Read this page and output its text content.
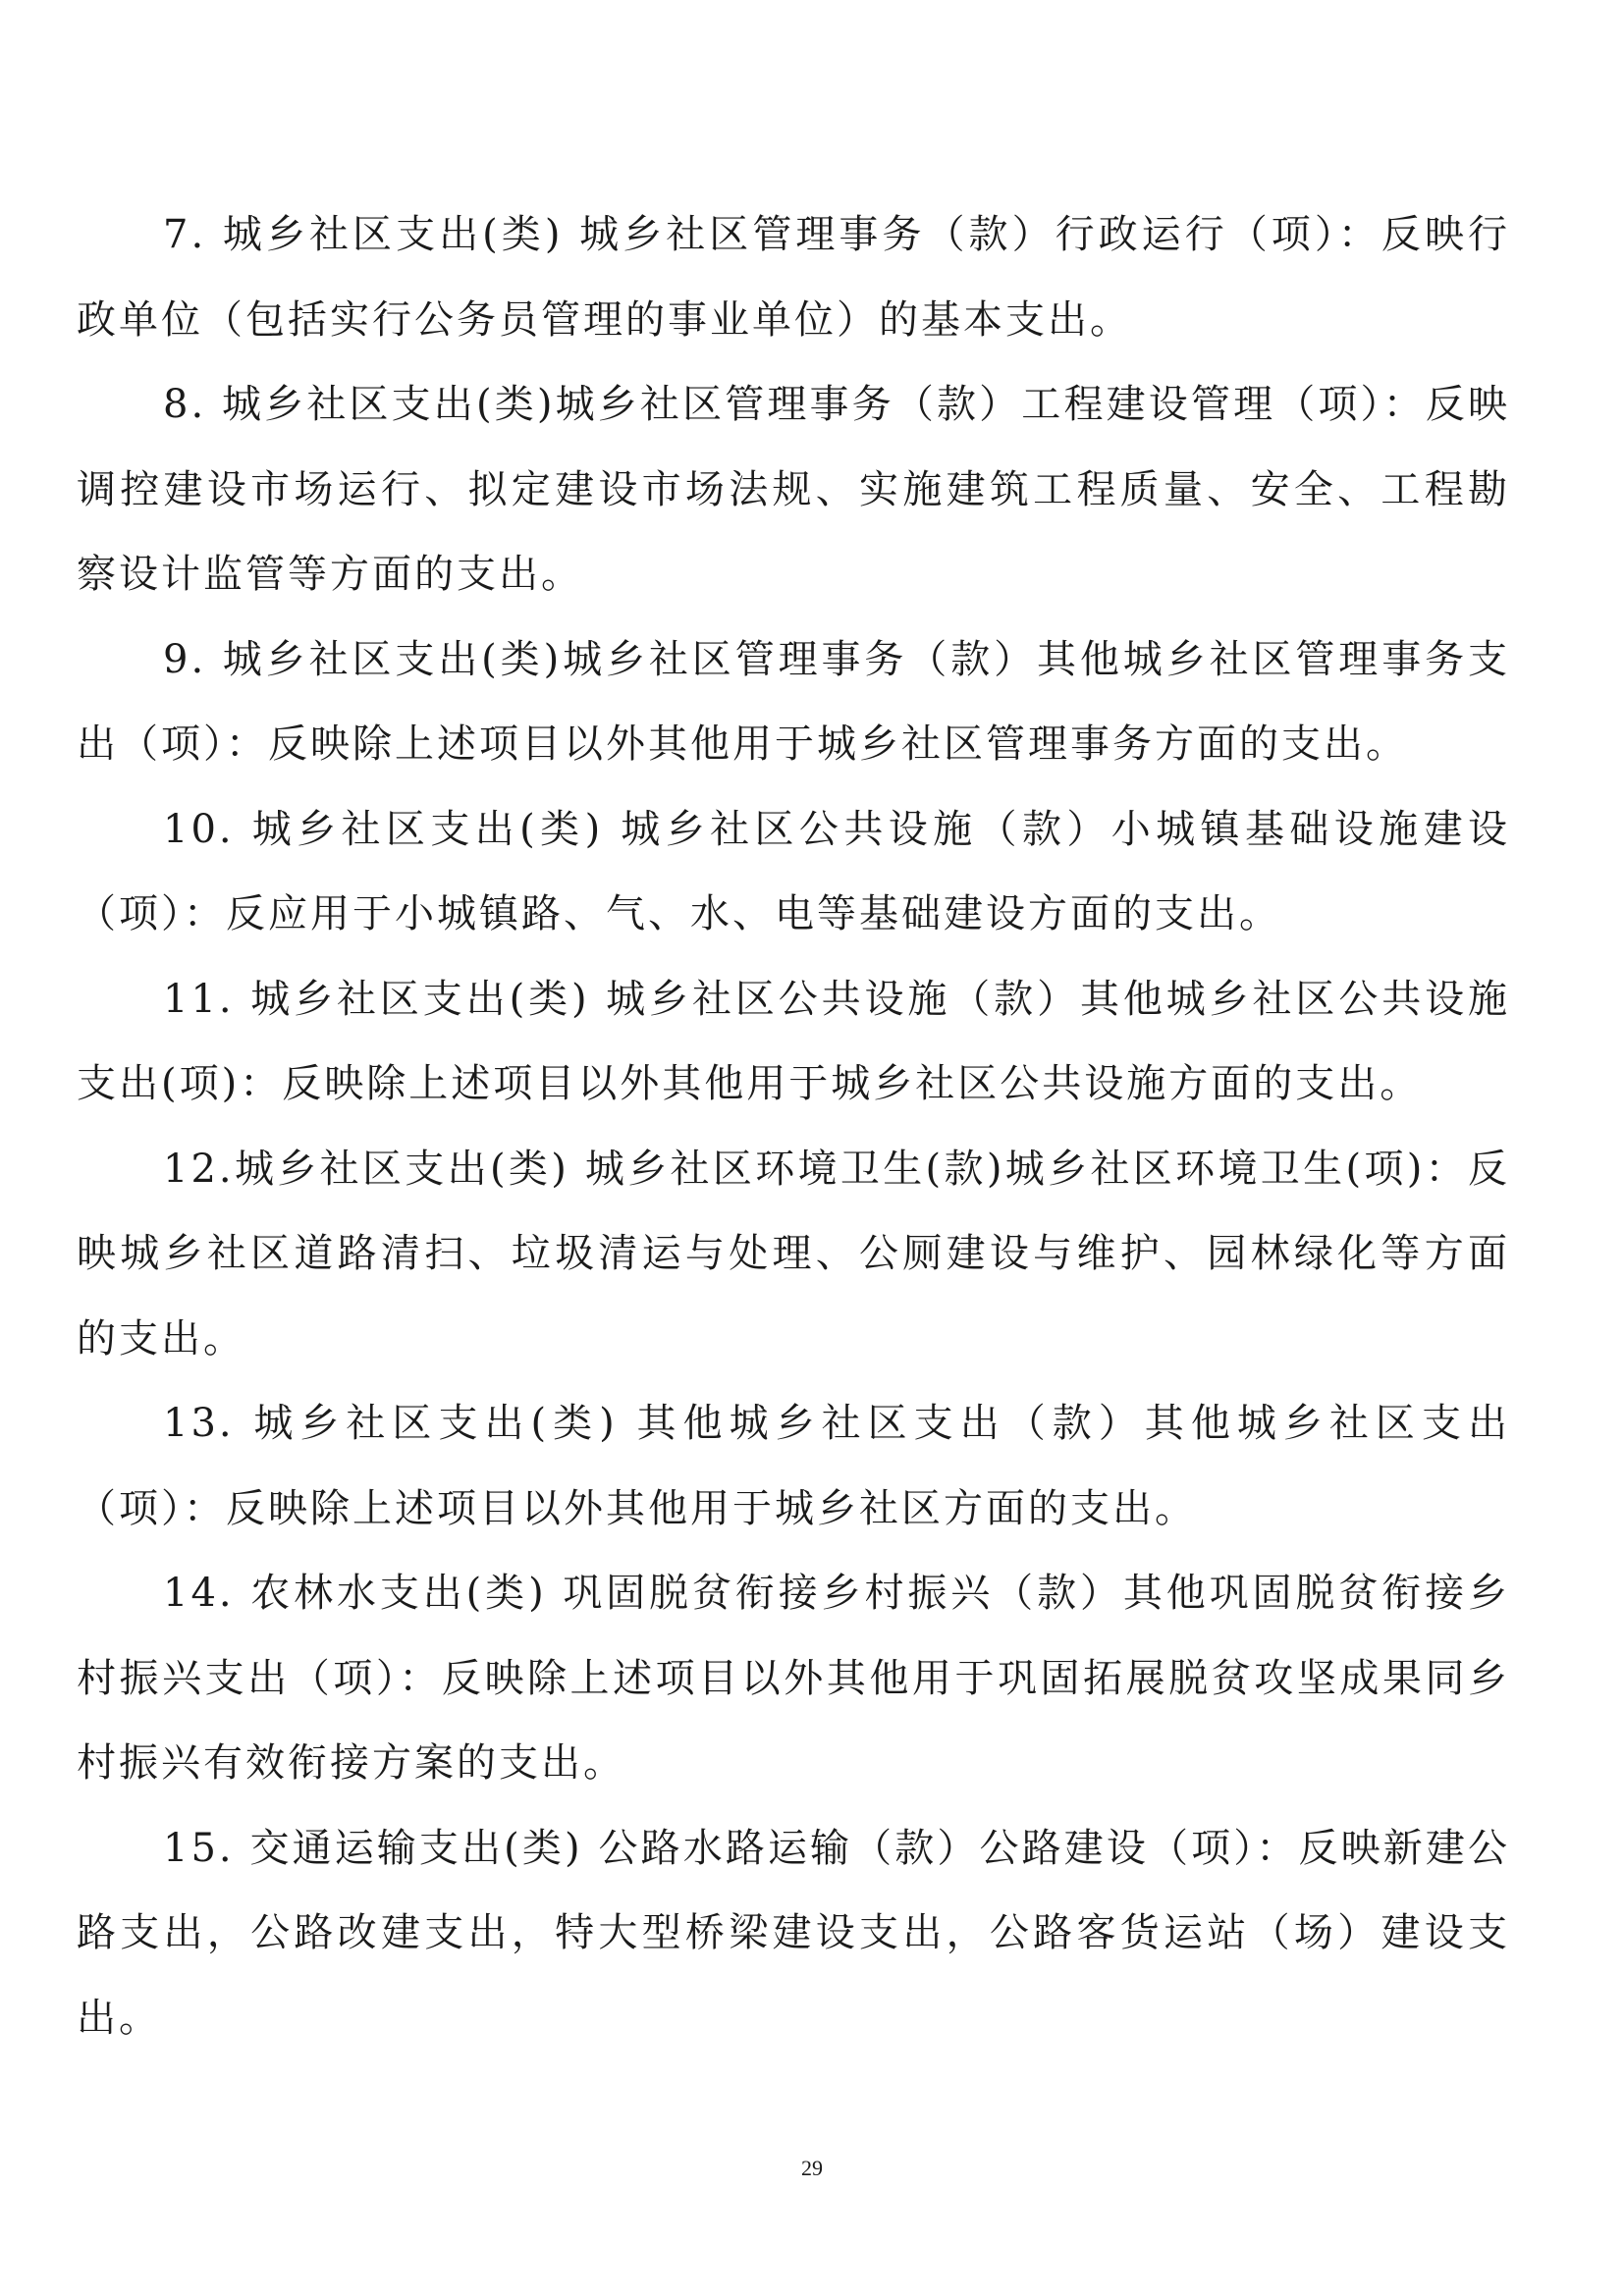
7. 城乡社区支出(类) 城乡社区管理事务（款）行政运行（项）：反映行政单位（包括实行公务员管理的事业单位）的基本支出。

8. 城乡社区支出(类)城乡社区管理事务（款）工程建设管理（项）：反映调控建设市场运行、拟定建设市场法规、实施建筑工程质量、安全、工程勘察设计监管等方面的支出。

9. 城乡社区支出(类)城乡社区管理事务（款）其他城乡社区管理事务支出（项）：反映除上述项目以外其他用于城乡社区管理事务方面的支出。

10. 城乡社区支出(类) 城乡社区公共设施（款）小城镇基础设施建设（项）：反应用于小城镇路、气、水、电等基础建设方面的支出。

11. 城乡社区支出(类) 城乡社区公共设施（款）其他城乡社区公共设施支出(项)：反映除上述项目以外其他用于城乡社区公共设施方面的支出。

12.城乡社区支出(类) 城乡社区环境卫生(款)城乡社区环境卫生(项)：反映城乡社区道路清扫、垃圾清运与处理、公厕建设与维护、园林绿化等方面的支出。

13. 城乡社区支出(类) 其他城乡社区支出（款）其他城乡社区支出（项）：反映除上述项目以外其他用于城乡社区方面的支出。

14. 农林水支出(类) 巩固脱贫衔接乡村振兴（款）其他巩固脱贫衔接乡村振兴支出（项）：反映除上述项目以外其他用于巩固拓展脱贫攻坚成果同乡村振兴有效衔接方案的支出。

15. 交通运输支出(类) 公路水路运输（款）公路建设（项）：反映新建公路支出，公路改建支出，特大型桥梁建设支出，公路客货运站（场）建设支出。

29
